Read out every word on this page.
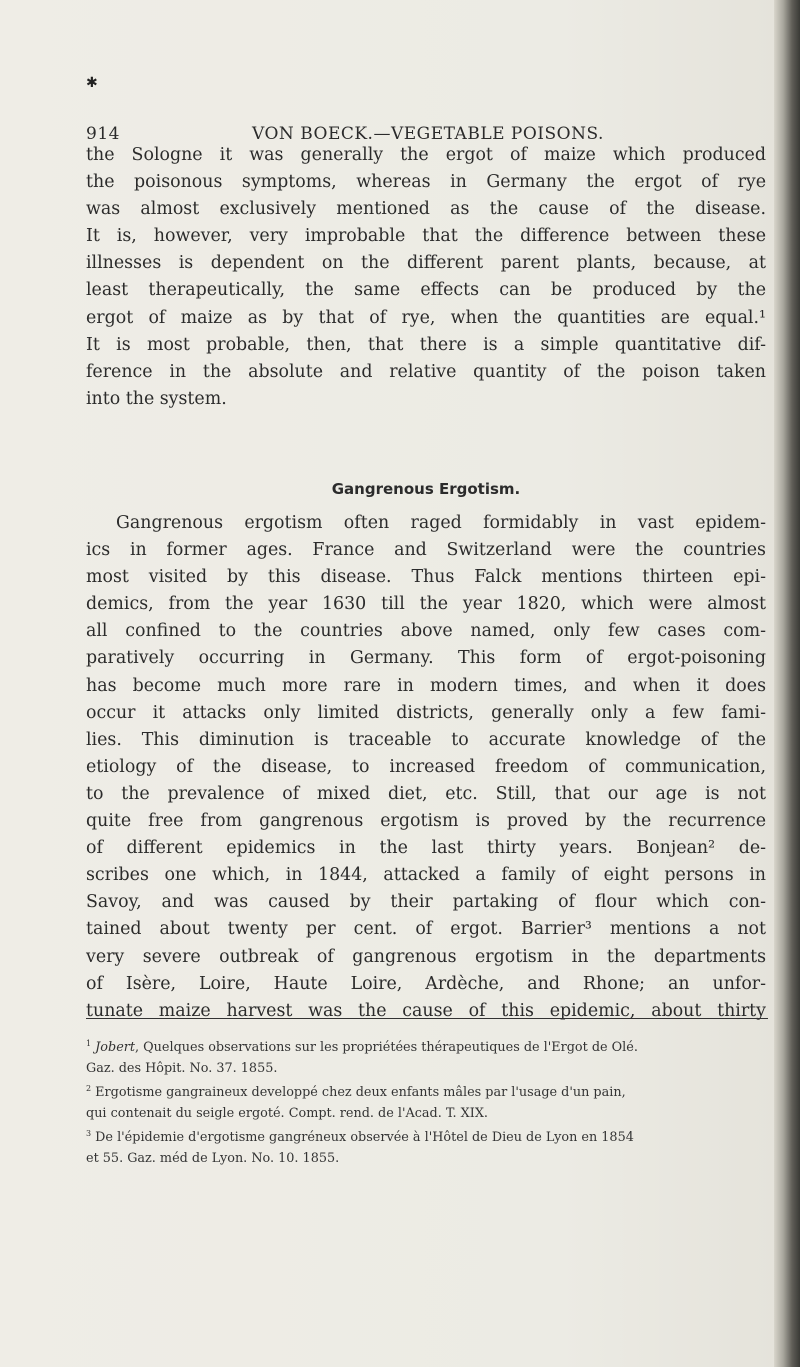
✱
914	VON BOECK.—VEGETABLE POISONS.

the Sologne it was generally the ergot of maize which produced
the poisonous symptoms, whereas in Germany the ergot of rye
was almost exclusively mentioned as the cause of the disease.
It is, however, very improbable that the difference between these
illnesses is dependent on the different parent plants, because, at
least therapeutically, the same effects can be produced by the
ergot of maize as by that of rye, when the quantities are equal.¹
It is most probable, then, that there is a simple quantitative dif-
ference in the absolute and relative quantity of the poison taken
into the system.

Gangrenous Ergotism.

Gangrenous ergotism often raged formidably in vast epidem-
ics in former ages. France and Switzerland were the countries
most visited by this disease. Thus Falck mentions thirteen epi-
demics, from the year 1630 till the year 1820, which were almost
all confined to the countries above named, only few cases com-
paratively occurring in Germany. This form of ergot-poisoning
has become much more rare in modern times, and when it does
occur it attacks only limited districts, generally only a few fami-
lies. This diminution is traceable to accurate knowledge of the
etiology of the disease, to increased freedom of communication,
to the prevalence of mixed diet, etc. Still, that our age is not
quite free from gangrenous ergotism is proved by the recurrence
of different epidemics in the last thirty years. Bonjean² de-
scribes one which, in 1844, attacked a family of eight persons in
Savoy, and was caused by their partaking of flour which con-
tained about twenty per cent. of ergot. Barrier³ mentions a not
very severe outbreak of gangrenous ergotism in the departments
of Isère, Loire, Haute Loire, Ardèche, and Rhone; an unfor-
tunate maize harvest was the cause of this epidemic, about thirty

$^1$ Jobert, Quelques observations sur les propriétées thérapeutiques de l'Ergot de Olé.
Gaz. des Hôpit. No. 37. 1855.
$^2$ Ergotisme gangraineux developpé chez deux enfants mâles par l'usage d'un pain,
qui contenait du seigle ergoté. Compt. rend. de l'Acad. T. XIX.
$^3$ De l'épidemie d'ergotisme gangréneux observée à l'Hôtel de Dieu de Lyon en 1854
et 55. Gaz. méd de Lyon. No. 10. 1855.
